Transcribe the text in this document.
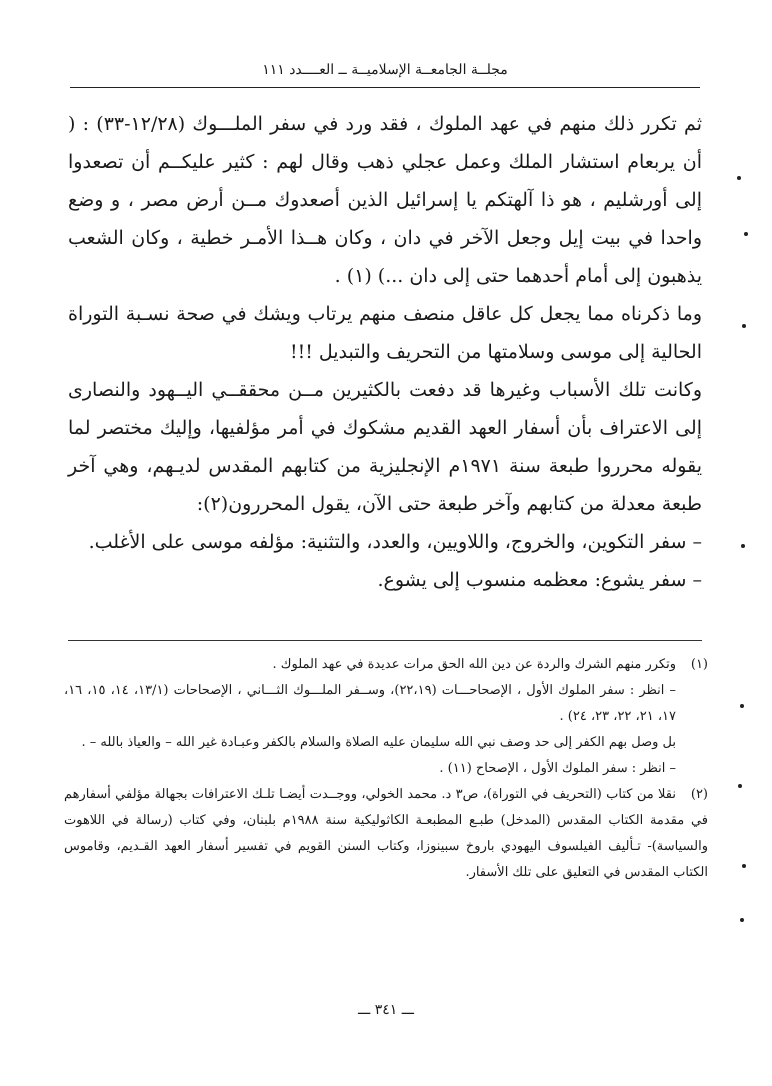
مجلــة الجامعــة الإسلاميــة ــ العــــدد ١١١

ثم تكرر ذلك منهم في عهد الملوك ، فقد ورد في سفر الملـــوك (١٢/٢٨-٣٣) : ( أن يربعام استشار الملك وعمل عجلي ذهب وقال لهم : كثير عليكــم أن تصعدوا إلى أورشليم ، هو ذا آلهتكم يا إسرائيل الذين أصعدوك مــن أرض مصر ، و وضع واحدا في بيت إيل وجعل الآخر في دان ، وكان هــذا الأمـر خطية ، وكان الشعب يذهبون إلى أمام أحدهما حتى إلى دان ...) (١) .

وما ذكرناه مما يجعل كل عاقل منصف منهم يرتاب ويشك في صحة نسـبة التوراة الحالية إلى موسى وسلامتها من التحريف والتبديل !!!

وكانت تلك الأسباب وغيرها قد دفعت بالكثيرين مــن محققــي اليــهود والنصارى إلى الاعتراف بأن أسفار العهد القديم مشكوك في أمر مؤلفيها، وإليك مختصر لما يقوله محرروا طبعة سنة ١٩٧١م الإنجليزية من كتابهم المقدس لديـهم، وهي آخر طبعة معدلة من كتابهم وآخر طبعة حتى الآن، يقول المحررون(٢):

– سفر التكوين، والخروج، واللاويين، والعدد، والتثنية: مؤلفه موسى على الأغلب.

– سفر يشوع: معظمه منسوب إلى يشوع.

(١)وتكرر منهم الشرك والردة عن دين الله الحق مرات عديدة في عهد الملوك .

– انظر : سفر الملوك الأول ، الإصحاحـــات (٢٢،١٩)، وســفر الملـــوك الثـــاني ، الإصحاحات (١٣/١، ١٤، ١٥، ١٦، ١٧، ٢١، ٢٢، ٢٣، ٢٤) .

بل وصل بهم الكفر إلى حد وصف نبي الله سليمان عليه الصلاة والسلام بالكفر وعبـادة غير الله – والعياذ بالله – .

– انظر : سفر الملوك الأول ، الإصحاح (١١) .

(٢)نقلا من كتاب (التحريف في التوراة)، ص٣ د. محمد الخولي، ووجــدت أيضـا تلـك الاعترافات بجهالة مؤلفي أسفارهم في مقدمة الكتاب المقدس (المدخل) طبـع المطبعـة الكاثوليكية سنة ١٩٨٨م بلبنان، وفي كتاب (رسالة في اللاهوت والسياسة)- تـأليف الفيلسوف اليهودي باروخ سبينوزا، وكتاب السنن القويم في تفسير أسفار العهد القـديم، وقاموس الكتاب المقدس في التعليق على تلك الأسفار.

ـــ ٣٤١ ـــ
